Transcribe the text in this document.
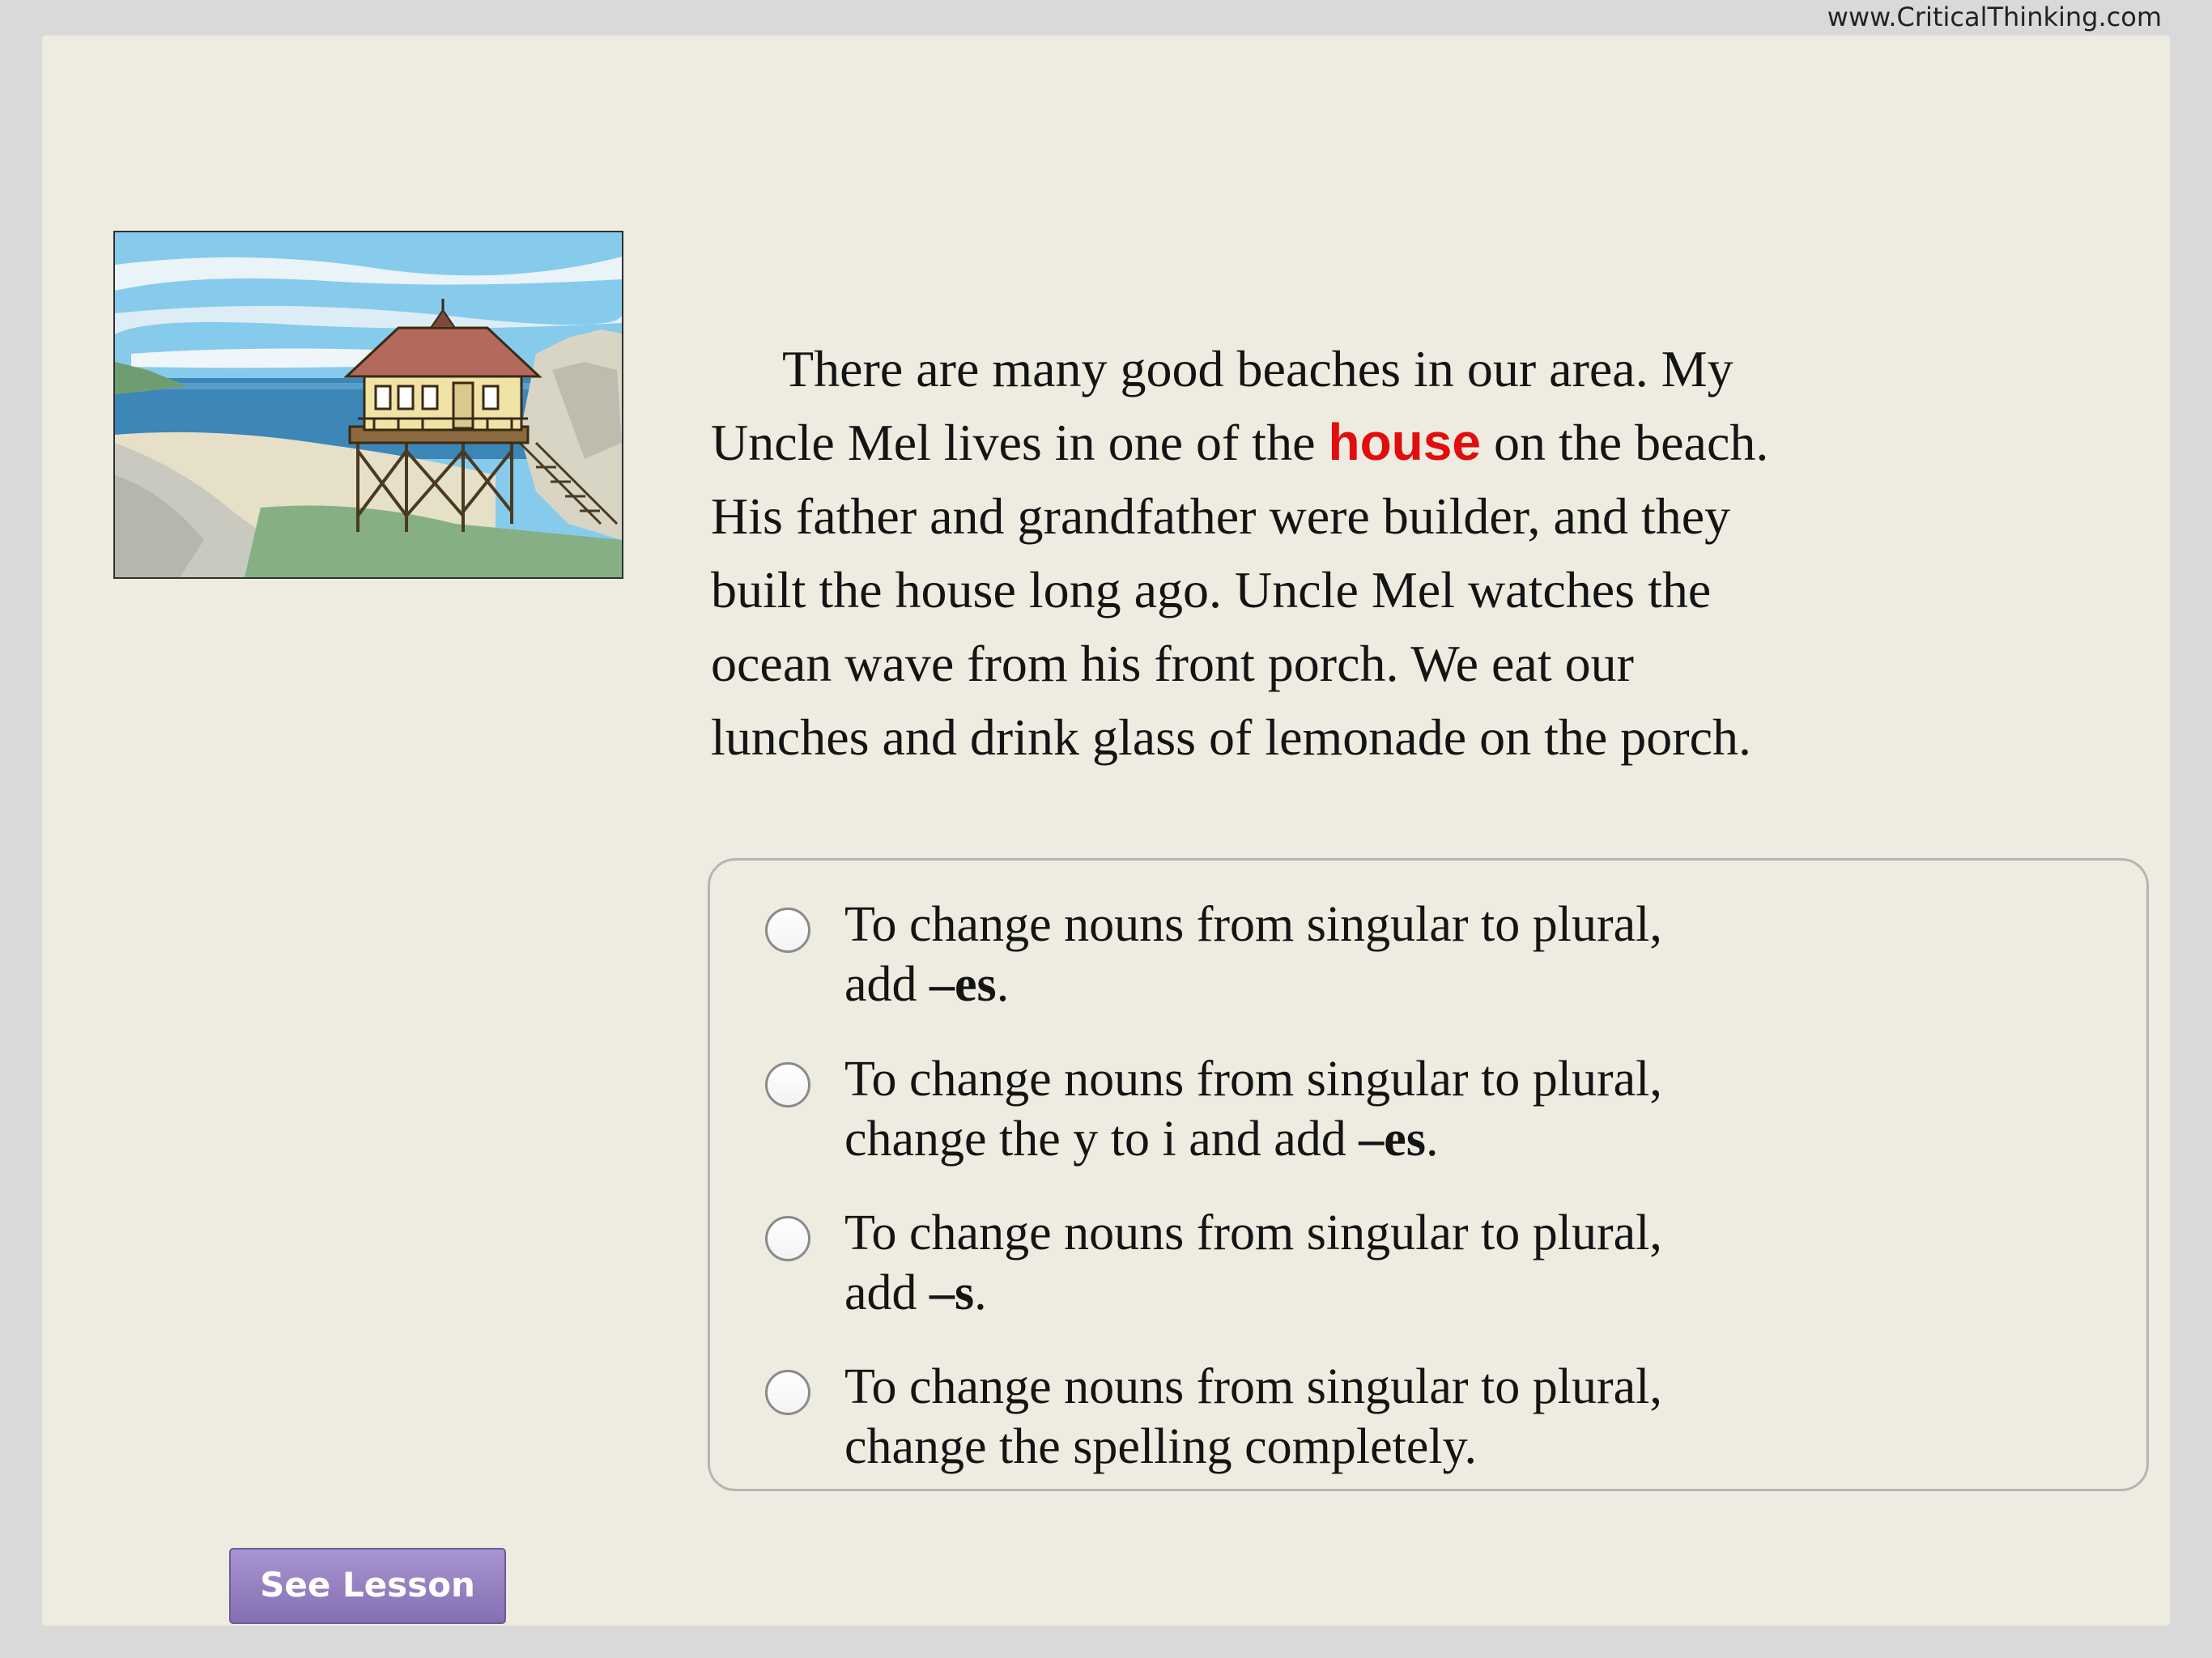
www.CriticalThinking.com
There are many good beaches in our area. My
Uncle Mel lives in one of the house on the beach.
His father and grandfather were builder, and they
built the house long ago. Uncle Mel watches the
ocean wave from his front porch. We eat our
lunches and drink glass of lemonade on the porch.
To change nouns from singular to plural,
add –es.
To change nouns from singular to plural,
change the y to i and add –es.
To change nouns from singular to plural,
add –s.
To change nouns from singular to plural,
change the spelling completely.
See Lesson
